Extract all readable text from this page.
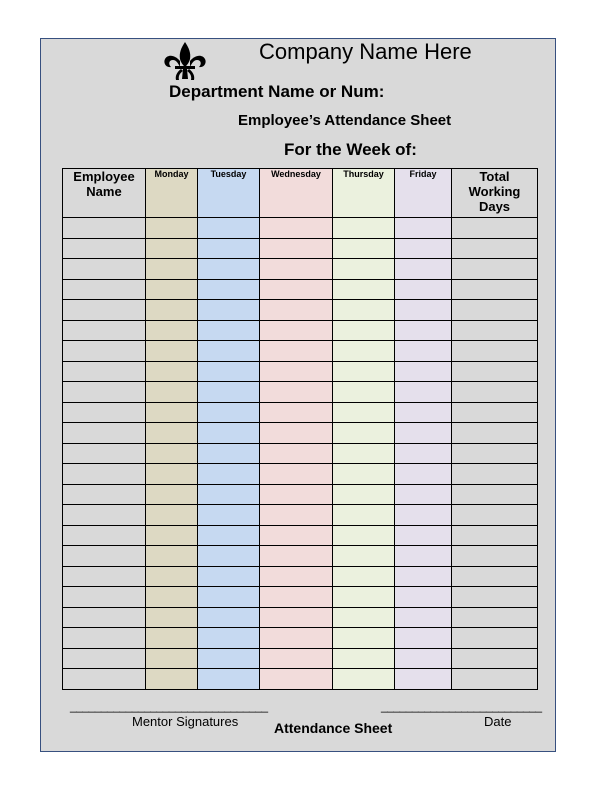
Company Name Here
Department Name or Num:
Employee’s Attendance Sheet
For the Week of:
Employee Name	Monday	Tuesday	Wednesday	Thursday	Friday	Total Working Days

________________________________	__________________________
Mentor Signatures	Attendance Sheet	Date
